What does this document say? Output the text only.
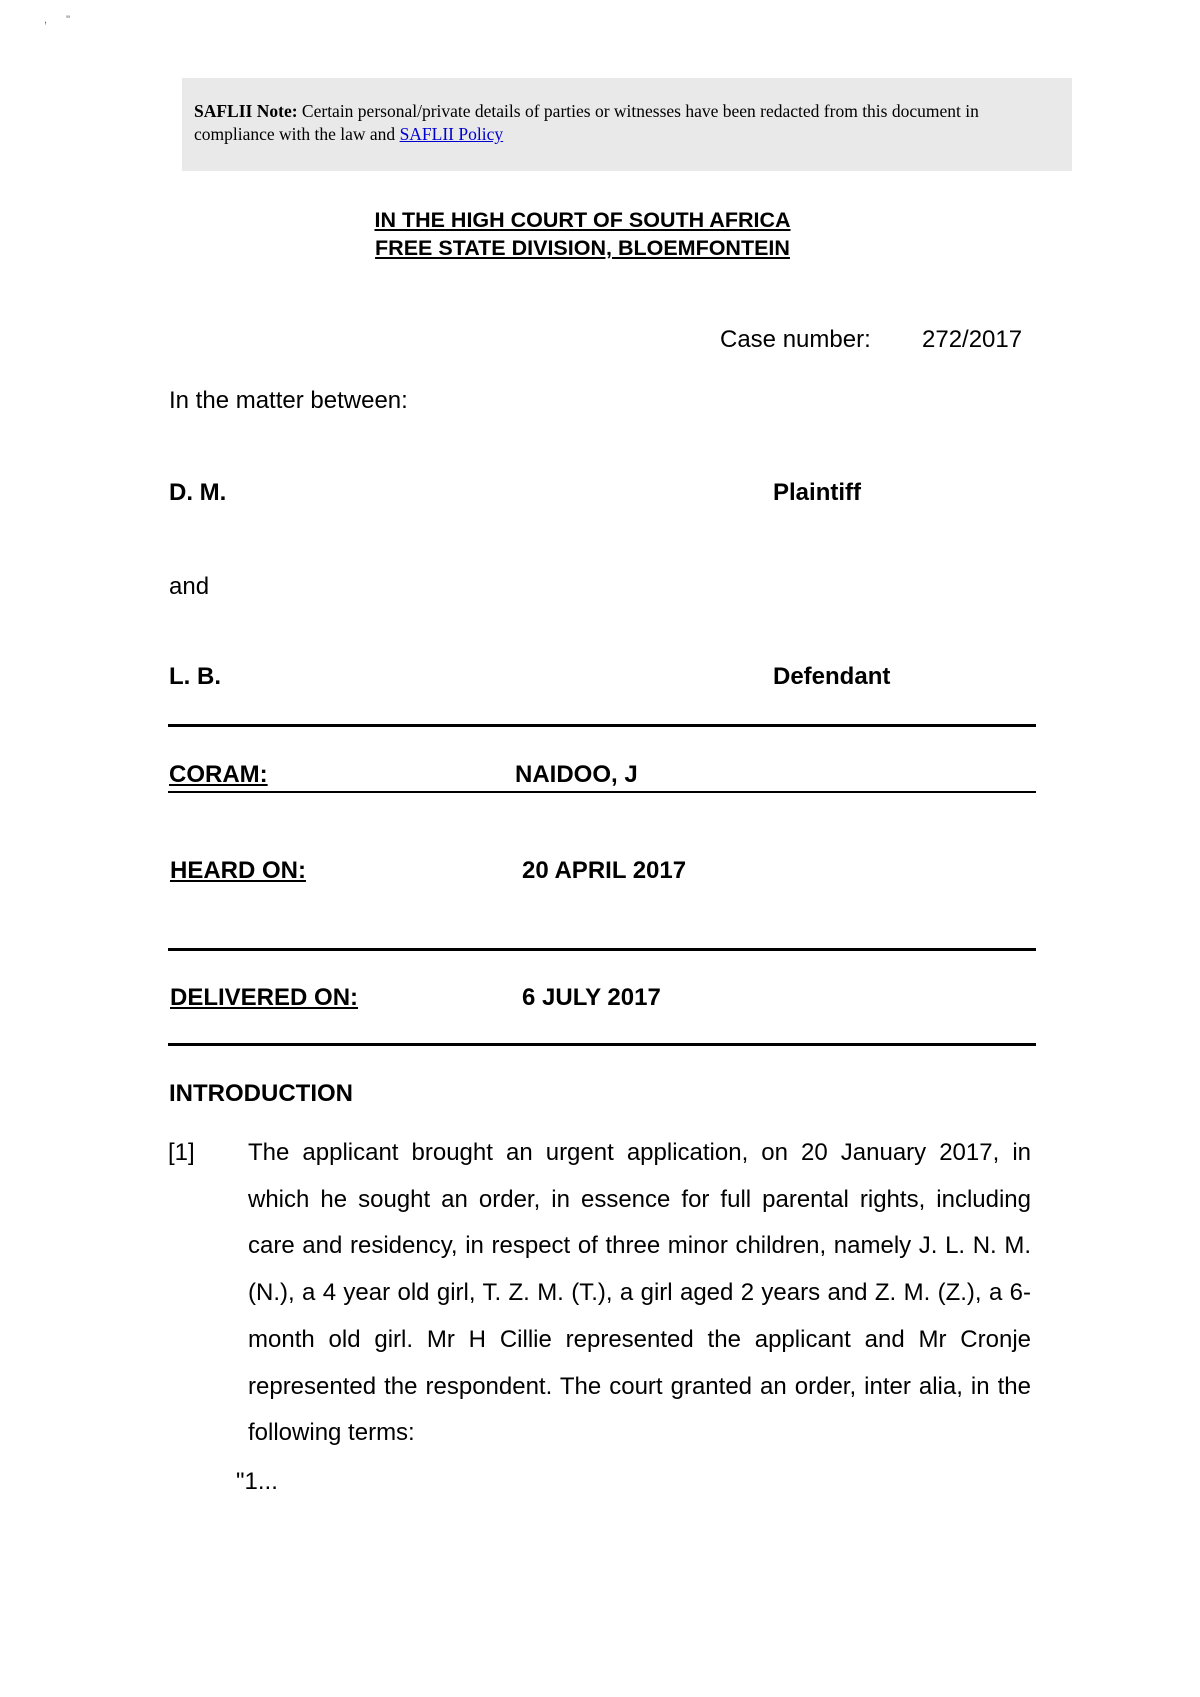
, "
SAFLII Note: Certain personal/private details of parties or witnesses have been redacted from this document in compliance with the law and SAFLII Policy
IN THE HIGH COURT OF SOUTH AFRICA
FREE STATE DIVISION, BLOEMFONTEIN
Case number: 272/2017
In the matter between:
D. M.	Plaintiff
and
L. B.	Defendant
CORAM:	NAIDOO, J
HEARD ON:	20 APRIL 2017
DELIVERED ON:	6 JULY 2017
INTRODUCTION
[1] The applicant brought an urgent application, on 20 January 2017, in which he sought an order, in essence for full parental rights, including care and residency, in respect of three minor children, namely J. L. N. M.(N.), a 4 year old girl, T. Z. M. (T.), a girl aged 2 years and Z. M. (Z.), a 6-month old girl. Mr H Cillie represented the applicant and Mr Cronje represented the respondent. The court granted an order, inter alia, in the following terms:
"1...
